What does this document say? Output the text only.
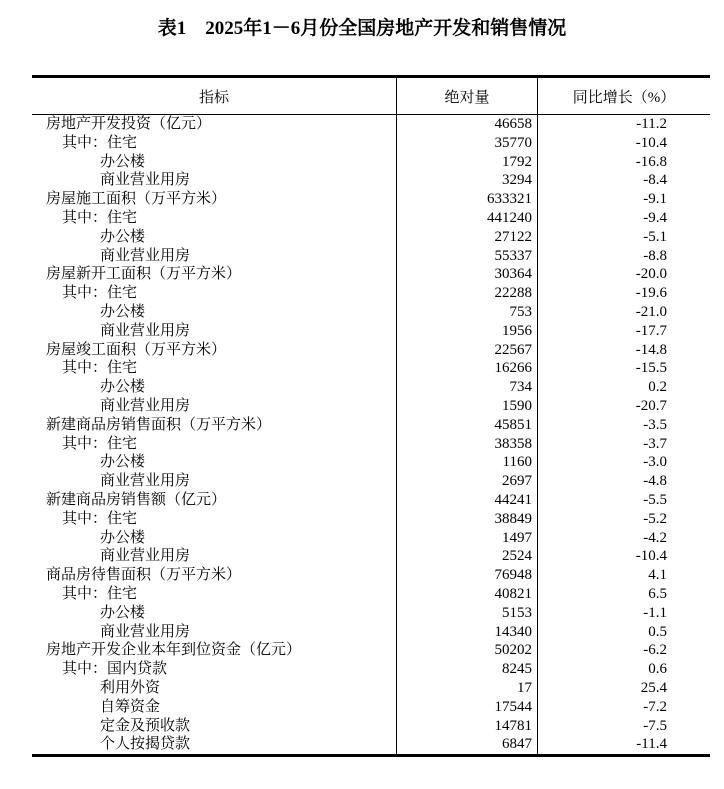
表1　2025年1－6月份全国房地产开发和销售情况
指标	绝对量	同比增长（%）
房地产开发投资（亿元）	46658	-11.2
其中：住宅	35770	-10.4
办公楼	1792	-16.8
商业营业用房	3294	-8.4
房屋施工面积（万平方米）	633321	-9.1
其中：住宅	441240	-9.4
办公楼	27122	-5.1
商业营业用房	55337	-8.8
房屋新开工面积（万平方米）	30364	-20.0
其中：住宅	22288	-19.6
办公楼	753	-21.0
商业营业用房	1956	-17.7
房屋竣工面积（万平方米）	22567	-14.8
其中：住宅	16266	-15.5
办公楼	734	0.2
商业营业用房	1590	-20.7
新建商品房销售面积（万平方米）	45851	-3.5
其中：住宅	38358	-3.7
办公楼	1160	-3.0
商业营业用房	2697	-4.8
新建商品房销售额（亿元）	44241	-5.5
其中：住宅	38849	-5.2
办公楼	1497	-4.2
商业营业用房	2524	-10.4
商品房待售面积（万平方米）	76948	4.1
其中：住宅	40821	6.5
办公楼	5153	-1.1
商业营业用房	14340	0.5
房地产开发企业本年到位资金（亿元）	50202	-6.2
其中：国内贷款	8245	0.6
利用外资	17	25.4
自筹资金	17544	-7.2
定金及预收款	14781	-7.5
个人按揭贷款	6847	-11.4
